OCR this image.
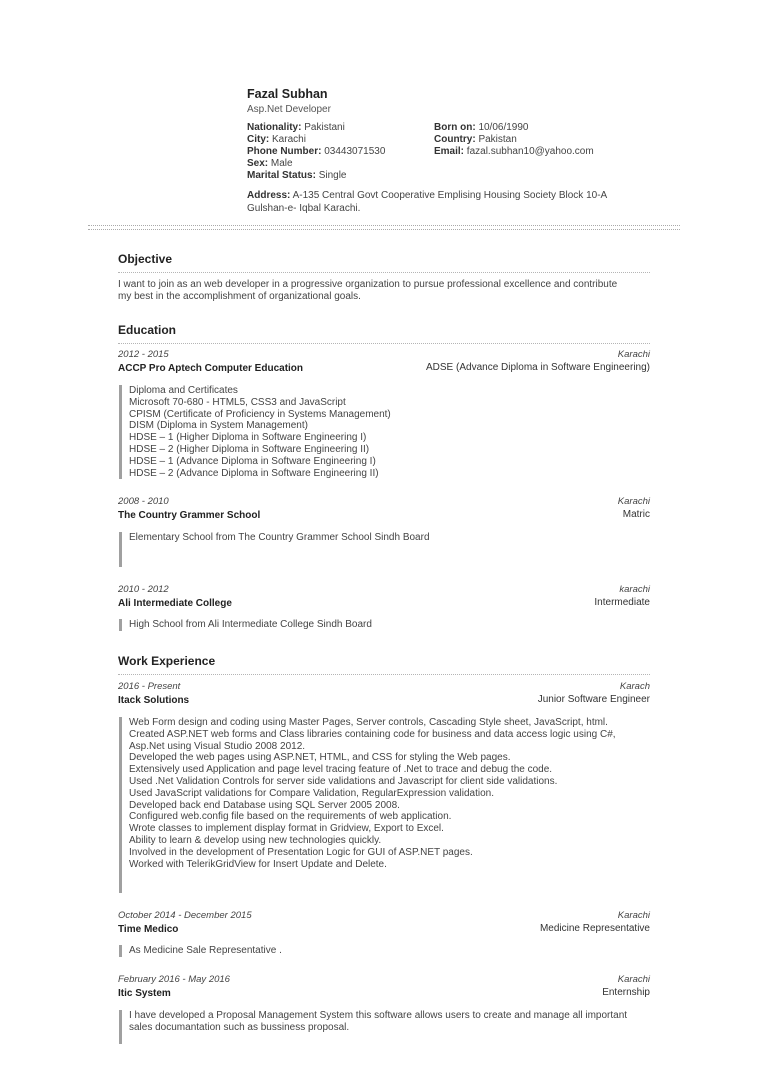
Fazal Subhan
Asp.Net Developer
Nationality: Pakistani
City: Karachi
Phone Number: 03443071530
Sex: Male
Marital Status: Single
Born on: 10/06/1990
Country: Pakistan
Email: fazal.subhan10@yahoo.com
Address: A-135 Central Govt Cooperative Emplising Housing Society Block 10-A
Gulshan-e- Iqbal Karachi.
Objective
I want to join as an web developer in a progressive organization to pursue professional excellence and contribute
my best in the accomplishment of organizational goals.
Education
2012 - 2015
ACCP Pro Aptech Computer Education
Karachi
ADSE (Advance Diploma in Software Engineering)
Diploma and Certificates
Microsoft 70-680 - HTML5, CSS3 and JavaScript
CPISM (Certificate of Proficiency in Systems Management)
DISM (Diploma in System Management)
HDSE – 1 (Higher Diploma in Software Engineering I)
HDSE – 2 (Higher Diploma in Software Engineering II)
HDSE – 1 (Advance Diploma in Software Engineering I)
HDSE – 2 (Advance Diploma in Software Engineering II)
2008 - 2010
The Country Grammer School
Karachi
Matric
Elementary School from The Country Grammer School Sindh Board
2010 - 2012
Ali Intermediate College
karachi
Intermediate
High School from Ali Intermediate College Sindh Board
Work Experience
2016 - Present
Itack Solutions
Karach
Junior Software Engineer
Web Form design and coding using Master Pages, Server controls, Cascading Style sheet, JavaScript, html.
Created ASP.NET web forms and Class libraries containing code for business and data access logic using C#,
Asp.Net using Visual Studio 2008 2012.
Developed the web pages using ASP.NET, HTML, and CSS for styling the Web pages.
Extensively used Application and page level tracing feature of .Net to trace and debug the code.
Used .Net Validation Controls for server side validations and Javascript for client side validations.
Used JavaScript validations for Compare Validation, RegularExpression validation.
Developed back end Database using SQL Server 2005 2008.
Configured web.config file based on the requirements of web application.
Wrote classes to implement display format in Gridview, Export to Excel.
Ability to learn & develop using new technologies quickly.
Involved in the development of Presentation Logic for GUI of ASP.NET pages.
Worked with TelerikGridView for Insert Update and Delete.
October 2014 - December 2015
Time Medico
Karachi
Medicine Representative
As Medicine Sale Representative .
February 2016 - May 2016
Itic System
Karachi
Enternship
I have developed a Proposal Management System this software allows users to create and manage all important
sales documantation such as bussiness proposal.
